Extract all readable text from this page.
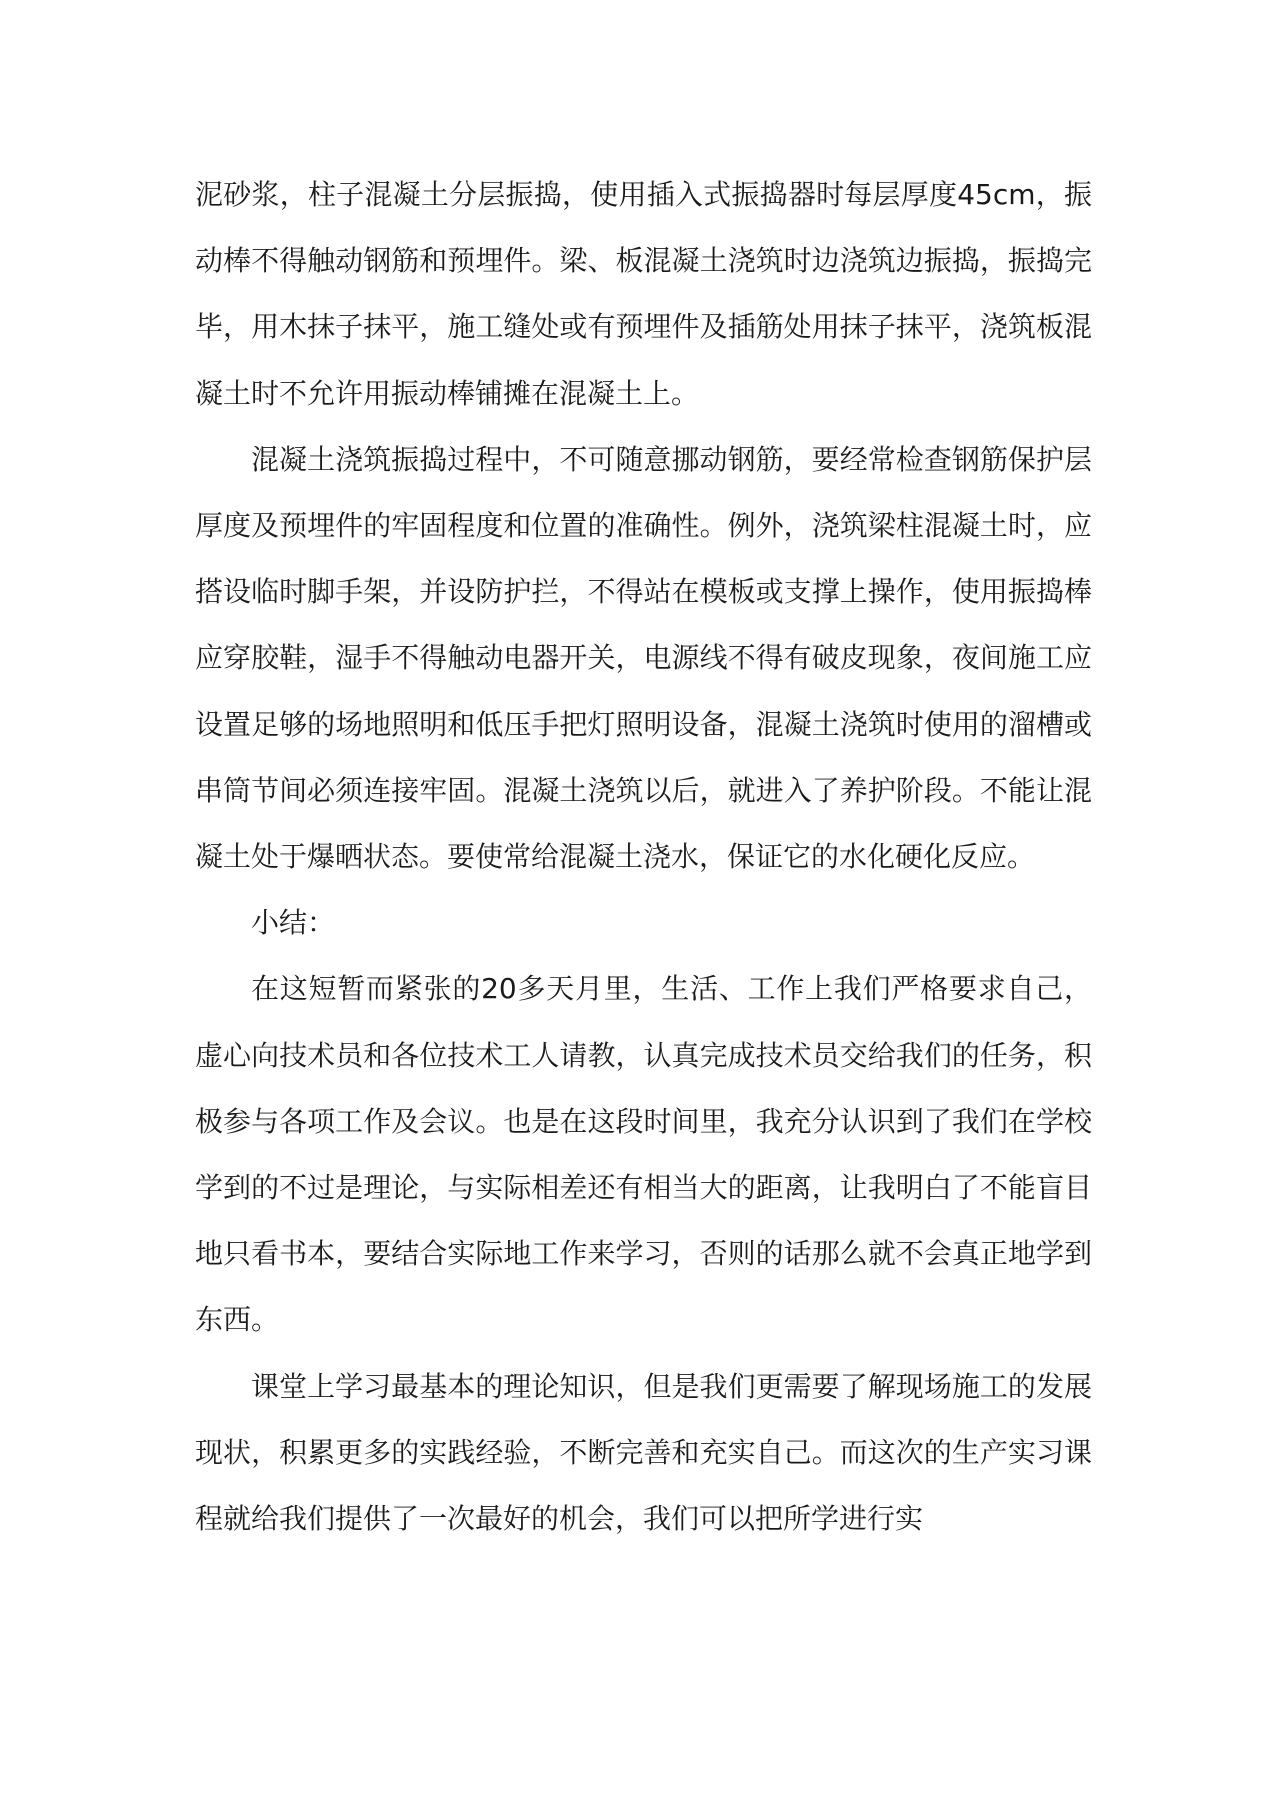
泥砂浆，柱子混凝土分层振捣，使用插入式振捣器时每层厚度45cm，振动棒不得触动钢筋和预埋件。梁、板混凝土浇筑时边浇筑边振捣，振捣完毕，用木抹子抹平，施工缝处或有预埋件及插筋处用抹子抹平，浇筑板混凝土时不允许用振动棒铺摊在混凝土上。

混凝土浇筑振捣过程中，不可随意挪动钢筋，要经常检查钢筋保护层厚度及预埋件的牢固程度和位置的准确性。例外，浇筑梁柱混凝土时，应搭设临时脚手架，并设防护拦，不得站在模板或支撑上操作，使用振捣棒应穿胶鞋，湿手不得触动电器开关，电源线不得有破皮现象，夜间施工应设置足够的场地照明和低压手把灯照明设备，混凝土浇筑时使用的溜槽或串筒节间必须连接牢固。混凝土浇筑以后，就进入了养护阶段。不能让混凝土处于爆晒状态。要使常给混凝土浇水，保证它的水化硬化反应。

小结：

在这短暂而紧张的20多天月里，生活、工作上我们严格要求自己，虚心向技术员和各位技术工人请教，认真完成技术员交给我们的任务，积极参与各项工作及会议。也是在这段时间里，我充分认识到了我们在学校学到的不过是理论，与实际相差还有相当大的距离，让我明白了不能盲目地只看书本，要结合实际地工作来学习，否则的话那么就不会真正地学到东西。

课堂上学习最基本的理论知识，但是我们更需要了解现场施工的发展现状，积累更多的实践经验，不断完善和充实自己。而这次的生产实习课程就给我们提供了一次最好的机会，我们可以把所学进行实
